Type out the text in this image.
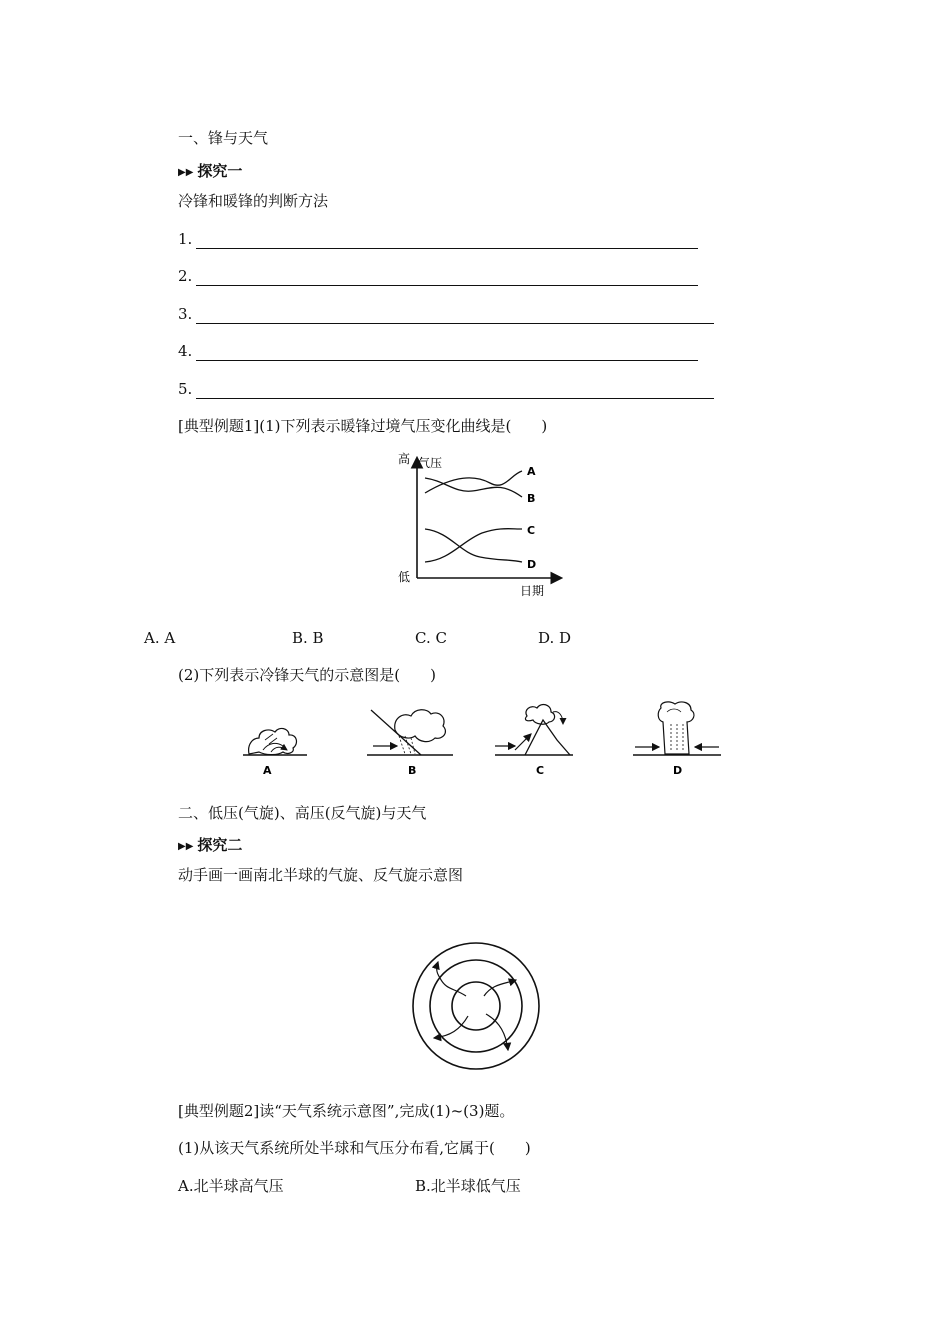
一、锋与天气
▶▶ 探究一
冷锋和暖锋的判断方法
1.
2.
3.
4.
5.
[典型例题1](1)下列表示暖锋过境气压变化曲线是(　　)
高 气压
低
日期
A
B
C
D
A. A	B. B	C. C	D. D
(2)下列表示冷锋天气的示意图是(　　)
A	B	C	D
二、低压(气旋)、高压(反气旋)与天气
▶▶ 探究二
动手画一画南北半球的气旋、反气旋示意图
[典型例题2]读“天气系统示意图”,完成(1)~(3)题。
(1)从该天气系统所处半球和气压分布看,它属于(　　)
A.北半球高气压	B.北半球低气压
